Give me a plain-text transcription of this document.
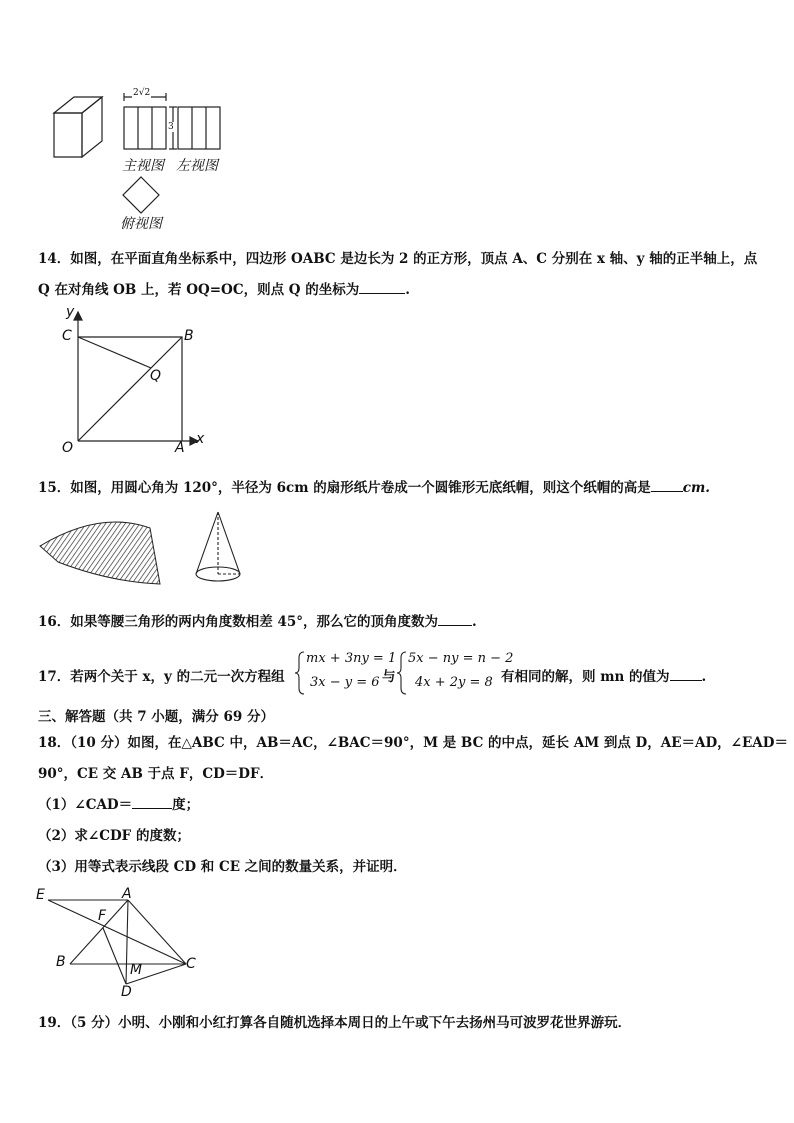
2√2
3
主视图 左视图
俯视图
14．如图，在平面直角坐标系中，四边形 OABC 是边长为 2 的正方形，顶点 A、C 分别在 x 轴、y 轴的正半轴上，点
Q 在对角线 OB 上，若 OQ=OC，则点 Q 的坐标为	.
y
C	B
Q
O	A
x
15．如图，用圆心角为 120°，半径为 6cm 的扇形纸片卷成一个圆锥形无底纸帽，则这个纸帽的高是 cm.
16．如果等腰三角形的两内角度数相差 45°，那么它的顶角度数为	.
17．若两个关于 x，y 的二元一次方程组
mx + 3ny = 1
3x − y = 6 与
5x − ny = n − 2
4x + 2y = 8 有相同的解，则 mn 的值为 .
三、解答题（共 7 小题，满分 69 分）
18．（10 分）如图，在△ABC 中，AB＝AC，∠BAC＝90°，M 是 BC 的中点，延长 AM 到点 D，AE＝AD，∠EAD＝
90°，CE 交 AB 于点 F，CD＝DF．
（1）∠CAD＝	度；
（2）求∠CDF 的度数；
（3）用等式表示线段 CD 和 CE 之间的数量关系，并证明．
E	A
F
B	M	C
D
19．（5 分）小明、小刚和小红打算各自随机选择本周日的上午或下午去扬州马可波罗花世界游玩．
